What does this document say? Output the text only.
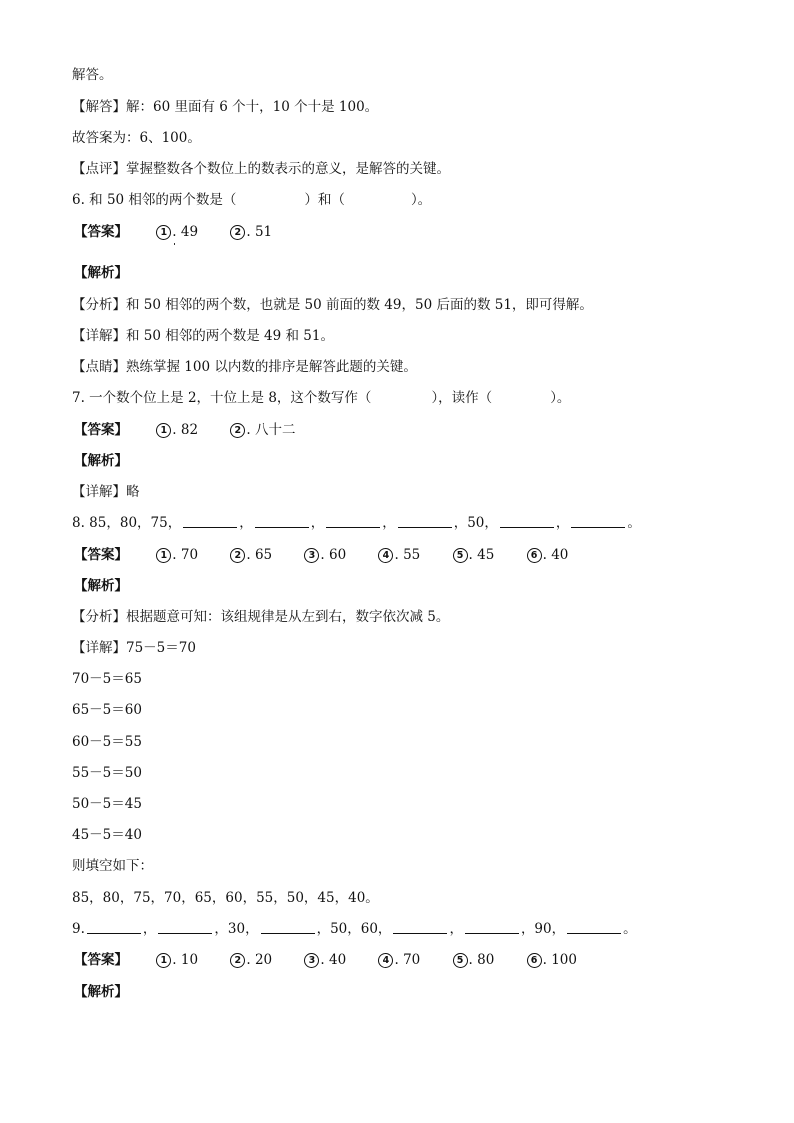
解答。
【解答】解：60 里面有 6 个十，10 个十是 100。
故答案为：6、100。
【点评】掌握整数各个数位上的数表示的意义，是解答的关键。
6. 和 50 相邻的两个数是（	）和（	）。
【答案】	1 . 49	2 . 51
【解析】
【分析】和 50 相邻的两个数，也就是 50 前面的数 49，50 后面的数 51，即可得解。
【详解】和 50 相邻的两个数是 49 和 51。
【点睛】熟练掌握 100 以内数的排序是解答此题的关键。
7. 一个数个位上是 2，十位上是 8，这个数写作（	），读作（	）。
【答案】	1 . 82	2 . 八十二
【解析】
【详解】略
8. 85，80，75，	，	，	，	，50，	，	。
【答案】	1 . 70	2 . 65	3 . 60	4 . 55	5 . 45	6 . 40
【解析】
【分析】根据题意可知：该组规律是从左到右，数字依次减 5。
【详解】75－5＝70
70－5＝65
65－5＝60
60－5＝55
55－5＝50
50－5＝45
45－5＝40
则填空如下：
85，80，75，70，65，60，55，50，45，40。
9.	，	，30，	，50，60，	，	，90，	。
【答案】	1 . 10	2 . 20	3 . 40	4 . 70	5 . 80	6 . 100
【解析】
